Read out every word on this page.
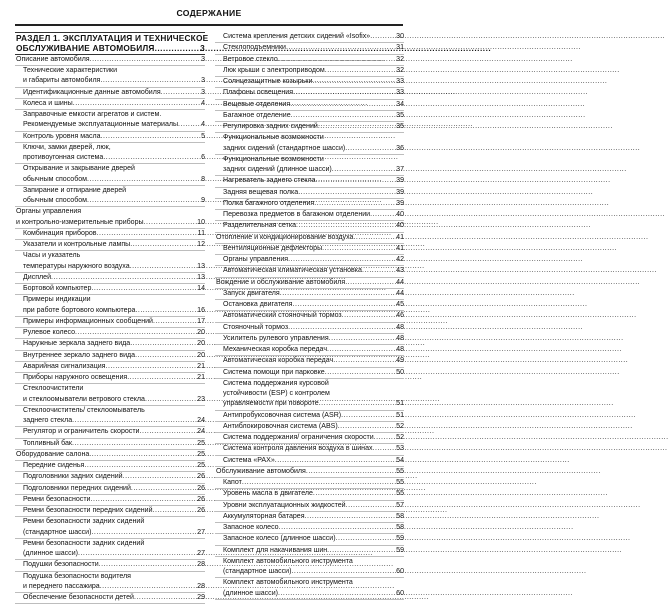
СОДЕРЖАНИЕ
РАЗДЕЛ 1. ЭКСПЛУАТАЦИЯ И ТЕХНИЧЕСКОЕ
ОБСЛУЖИВАНИЕ АВТОМОБИЛЯ .....	3
Описание автомобиля .....	3
Технические характеристики
и габариты автомобиля .....	3
Идентификационные данные автомобиля .....	3
Колеса и шины .....	4
Заправочные емкости агрегатов и систем.
Рекомендуемые эксплуатационные материалы .....	4
Контроль уровня масла .....	5
Ключи, замки дверей, люк,
противоугонная система .....	6
Открывание и закрывание дверей
обычным способом .....	8
Запирание и отпирание дверей
обычным способом .....	9
Органы управления
и контрольно-измерительные приборы .....	10
Комбинация приборов .....	11
Указатели и контрольные лампы .....	12
Часы и указатель
температуры наружного воздуха .....	13
Дисплей .....	13
Бортовой компьютер .....	14
Примеры индикации
при работе бортового компьютера .....	16
Примеры информационных сообщений .....	17
Рулевое колесо .....	20
Наружные зеркала заднего вида .....	20
Внутреннее зеркало заднего вида .....	20
Аварийная сигнализация .....	21
Приборы наружного освещения .....	21
Стеклоочистители
и стеклоомыватели ветрового стекла .....	23
Стеклоочиститель/ стеклоомыватель
заднего стекла .....	24
Регулятор и ограничитель скорости .....	24
Топливный бак .....	25
Оборудование салона .....	25
Передние сиденья .....	25
Подголовники задних сидений .....	26
Подголовники передних сидений .....	26
Ремни безопасности .....	26
Ремни безопасности передних сидений .....	26
Ремни безопасности задних сидений
(стандартное шасси) .....	27
Ремни безопасности задних сидений
(длинное шасси) .....	27
Подушки безопасности .....	28
Подушка безопасности водителя
и переднего пассажира .....	28
Обеспечение безопасности детей .....	29
Система крепления детских сидений «Isofix» .....	30
Стеклоподъемники .....	31
Ветровое стекло .....	32
Люк крыши с электроприводом .....	32
Солнцезащитные козырьки .....	33
Плафоны освещения .....	33
Вещевые отделения .....	34
Багажное отделение .....	35
Регулировка задних сидений .....	35
Функциональные возможности
задних сидений (стандартное шасси) .....	36
Функциональные возможности
задних сидений (длинное шасси) .....	37
Нагреватель заднего стекла .....	39
Задняя вещевая полка .....	39
Полка багажного отделения .....	39
Перевозка предметов в багажном отделении .....	40
Разделительная сетка .....	40
Отопление и кондиционирование воздуха .....	41
Вентиляционные дефлекторы .....	41
Органы управления .....	42
Автоматическая климатическая установка .....	43
Вождение и обслуживание автомобиля .....	44
Запуск двигателя .....	44
Остановка двигателя .....	45
Автоматический стояночный тормоз .....	46
Стояночный тормоз .....	48
Усилитель рулевого управления .....	48
Механическая коробка передач .....	48
Автоматическая коробка передач .....	49
Система помощи при парковке .....	50
Система поддержания курсовой
устойчивости (ESP) с контролем
управляемости при повороте .....	51
Антипробуксовочная система (ASR) .....	51
Антиблокировочная система (ABS) .....	52
Система поддержания/ ограничения скорости .....	52
Система контроля давления воздуха в шинах .....	53
Система «PAX» .....	54
Обслуживание автомобиля .....	55
Капот .....	55
Уровень масла в двигателе .....	55
Уровни эксплуатационных жидкостей .....	57
Аккумуляторная батарея .....	58
Запасное колесо .....	58
Запасное колесо (длинное шасси) .....	59
Комплект для накачивания шин .....	59
Комплект автомобильного инструмента
(стандартное шасси) .....	60
Комплект автомобильного инструмента
(длинное шасси) .....	60
